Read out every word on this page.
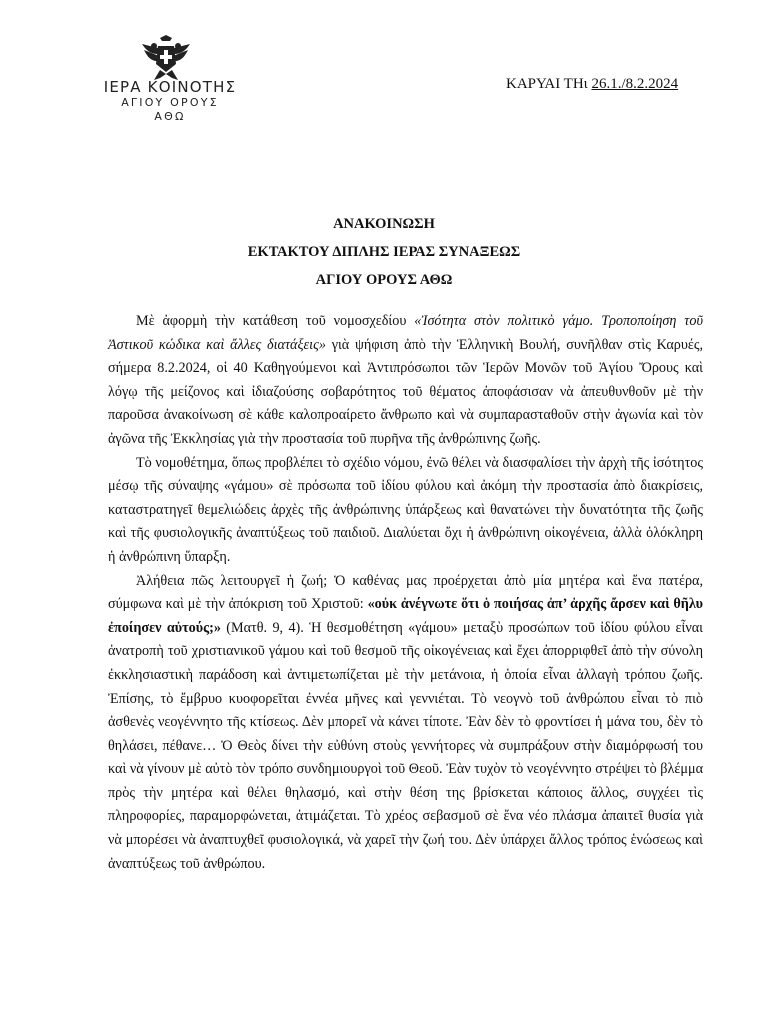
ΙΕΡΑ ΚΟΙΝΟΤΗΣ
ΑΓΙΟΥ ΟΡΟΥΣ
ΑΘΩ
ΚΑΡΥΑΙ ΤΗι 26.1./8.2.2024
ΑΝΑΚΟΙΝΩΣΗ
ΕΚΤΑΚΤΟΥ ΔΙΠΛΗΣ ΙΕΡΑΣ ΣΥΝΑΞΕΩΣ
ΑΓΙΟΥ ΟΡΟΥΣ ΑΘΩ

Μὲ ἀφορμὴ τὴν κατάθεση τοῦ νομοσχεδίου «Ἰσότητα στὸν πολιτικὸ γάμο. Τροποποίηση τοῦ Ἀστικοῦ κώδικα καὶ ἄλλες διατάξεις» γιὰ ψήφιση ἀπὸ τὴν Ἑλληνικὴ Βουλή, συνῆλθαν στὶς Καρυές, σήμερα 8.2.2024, οἱ 40 Καθηγούμενοι καὶ Ἀντιπρόσωποι τῶν Ἱερῶν Μονῶν τοῦ Ἁγίου Ὄρους καὶ λόγῳ τῆς μείζονος καὶ ἰδιαζούσης σοβαρότητος τοῦ θέματος ἀποφάσισαν νὰ ἀπευθυνθοῦν μὲ τὴν παροῦσα ἀνακοίνωση σὲ κάθε καλοπροαίρετο ἄνθρωπο καὶ νὰ συμπαρασταθοῦν στὴν ἀγωνία καὶ τὸν ἀγῶνα τῆς Ἐκκλησίας γιὰ τὴν προστασία τοῦ πυρῆνα τῆς ἀνθρώπινης ζωῆς.

Τὸ νομοθέτημα, ὅπως προβλέπει τὸ σχέδιο νόμου, ἐνῶ θέλει νὰ διασφαλίσει τὴν ἀρχὴ τῆς ἰσότητος μέσῳ τῆς σύναψης «γάμου» σὲ πρόσωπα τοῦ ἰδίου φύλου καὶ ἀκόμη τὴν προστασία ἀπὸ διακρίσεις, καταστρατηγεῖ θεμελιώδεις ἀρχὲς τῆς ἀνθρώπινης ὑπάρξεως καὶ θανατώνει τὴν δυνατότητα τῆς ζωῆς καὶ τῆς φυσιολογικῆς ἀναπτύξεως τοῦ παιδιοῦ. Διαλύεται ὄχι ἡ ἀνθρώπινη οἰκογένεια, ἀλλὰ ὁλόκληρη ἡ ἀνθρώπινη ὕπαρξη.

Ἀλήθεια πῶς λειτουργεῖ ἡ ζωή; Ὁ καθένας μας προέρχεται ἀπὸ μία μητέρα καὶ ἕνα πατέρα, σύμφωνα καὶ μὲ τὴν ἀπόκριση τοῦ Χριστοῦ: «οὐκ ἀνέγνωτε ὅτι ὁ ποιήσας ἀπ’ ἀρχῆς ἄρσεν καὶ θῆλυ ἐποίησεν αὐτούς;» (Ματθ. 9, 4). Ἡ θεσμοθέτηση «γάμου» μεταξὺ προσώπων τοῦ ἰδίου φύλου εἶναι ἀνατροπὴ τοῦ χριστιανικοῦ γάμου καὶ τοῦ θεσμοῦ τῆς οἰκογένειας καὶ ἔχει ἀπορριφθεῖ ἀπὸ τὴν σύνολη ἐκκλησιαστικὴ παράδοση καὶ ἀντιμετωπίζεται μὲ τὴν μετάνοια, ἡ ὁποία εἶναι ἀλλαγὴ τρόπου ζωῆς. Ἐπίσης, τὸ ἔμβρυο κυοφορεῖται ἐννέα μῆνες καὶ γεννιέται. Τὸ νεογνὸ τοῦ ἀνθρώπου εἶναι τὸ πιὸ ἀσθενὲς νεογέννητο τῆς κτίσεως. Δὲν μπορεῖ νὰ κάνει τίποτε. Ἐὰν δὲν τὸ φροντίσει ἡ μάνα του, δὲν τὸ θηλάσει, πέθανε… Ὁ Θεὸς δίνει τὴν εὐθύνη στοὺς γεννήτορες νὰ συμπράξουν στὴν διαμόρφωσή του καὶ νὰ γίνουν μὲ αὐτὸ τὸν τρόπο συνδημιουργοὶ τοῦ Θεοῦ. Ἐὰν τυχὸν τὸ νεογέννητο στρέψει τὸ βλέμμα πρὸς τὴν μητέρα καὶ θέλει θηλασμό, καὶ στὴν θέση της βρίσκεται κάποιος ἄλλος, συγχέει τὶς πληροφορίες, παραμορφώνεται, ἀτιμάζεται. Τὸ χρέος σεβασμοῦ σὲ ἕνα νέο πλάσμα ἀπαιτεῖ θυσία γιὰ νὰ μπορέσει νὰ ἀναπτυχθεῖ φυσιολογικά, νὰ χαρεῖ τὴν ζωή του. Δὲν ὑπάρχει ἄλλος τρόπος ἑνώσεως καὶ ἀναπτύξεως τοῦ ἀνθρώπου.
